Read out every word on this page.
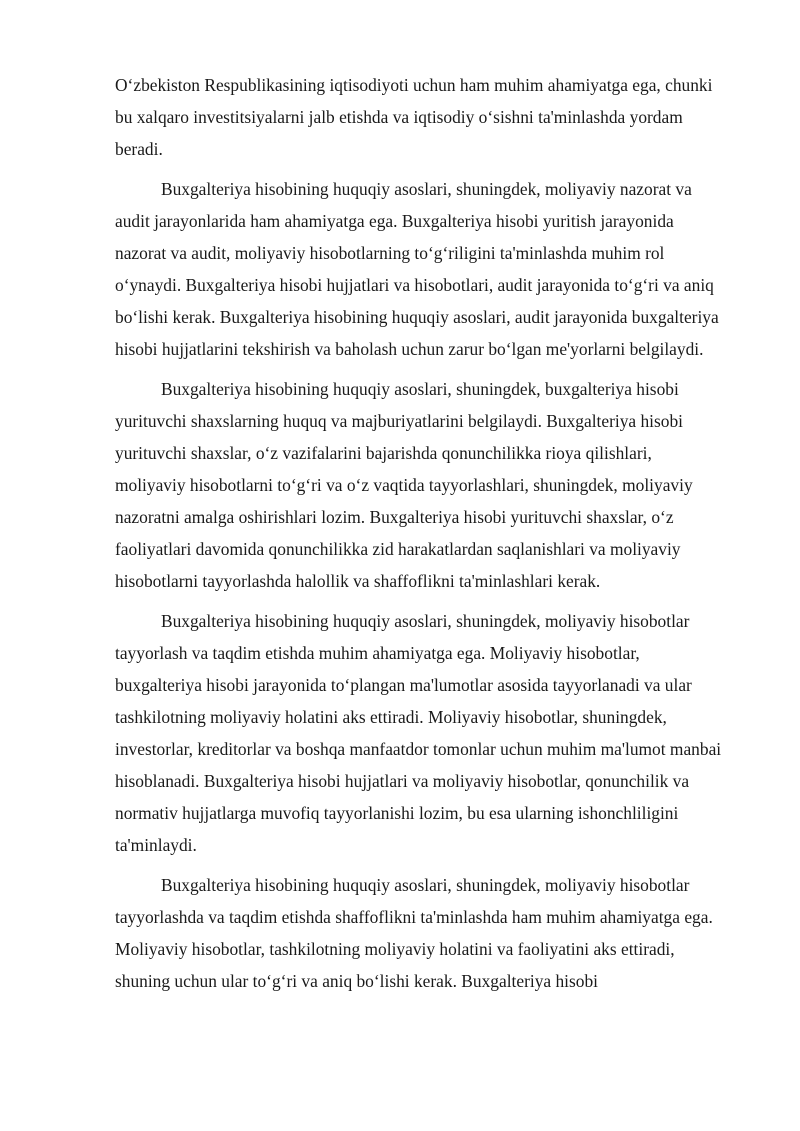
O‘zbekiston Respublikasining iqtisodiyoti uchun ham muhim ahamiyatga ega, chunki bu xalqaro investitsiyalarni jalb etishda va iqtisodiy o‘sishni ta'minlashda yordam beradi.

Buxgalteriya hisobining huquqiy asoslari, shuningdek, moliyaviy nazorat va audit jarayonlarida ham ahamiyatga ega. Buxgalteriya hisobi yuritish jarayonida nazorat va audit, moliyaviy hisobotlarning to‘g‘riligini ta'minlashda muhim rol o‘ynaydi. Buxgalteriya hisobi hujjatlari va hisobotlari, audit jarayonida to‘g‘ri va aniq bo‘lishi kerak. Buxgalteriya hisobining huquqiy asoslari, audit jarayonida buxgalteriya hisobi hujjatlarini tekshirish va baholash uchun zarur bo‘lgan me'yorlarni belgilaydi.

Buxgalteriya hisobining huquqiy asoslari, shuningdek, buxgalteriya hisobi yurituvchi shaxslarning huquq va majburiyatlarini belgilaydi. Buxgalteriya hisobi yurituvchi shaxslar, o‘z vazifalarini bajarishda qonunchilikka rioya qilishlari, moliyaviy hisobotlarni to‘g‘ri va o‘z vaqtida tayyorlashlari, shuningdek, moliyaviy nazoratni amalga oshirishlari lozim. Buxgalteriya hisobi yurituvchi shaxslar, o‘z faoliyatlari davomida qonunchilikka zid harakatlardan saqlanishlari va moliyaviy hisobotlarni tayyorlashda halollik va shaffoflikni ta'minlashlari kerak.

Buxgalteriya hisobining huquqiy asoslari, shuningdek, moliyaviy hisobotlar tayyorlash va taqdim etishda muhim ahamiyatga ega. Moliyaviy hisobotlar, buxgalteriya hisobi jarayonida to‘plangan ma'lumotlar asosida tayyorlanadi va ular tashkilotning moliyaviy holatini aks ettiradi. Moliyaviy hisobotlar, shuningdek, investorlar, kreditorlar va boshqa manfaatdor tomonlar uchun muhim ma'lumot manbai hisoblanadi. Buxgalteriya hisobi hujjatlari va moliyaviy hisobotlar, qonunchilik va normativ hujjatlarga muvofiq tayyorlanishi lozim, bu esa ularning ishonchliligini ta'minlaydi.

Buxgalteriya hisobining huquqiy asoslari, shuningdek, moliyaviy hisobotlar tayyorlashda va taqdim etishda shaffoflikni ta'minlashda ham muhim ahamiyatga ega. Moliyaviy hisobotlar, tashkilotning moliyaviy holatini va faoliyatini aks ettiradi, shuning uchun ular to‘g‘ri va aniq bo‘lishi kerak. Buxgalteriya hisobi
